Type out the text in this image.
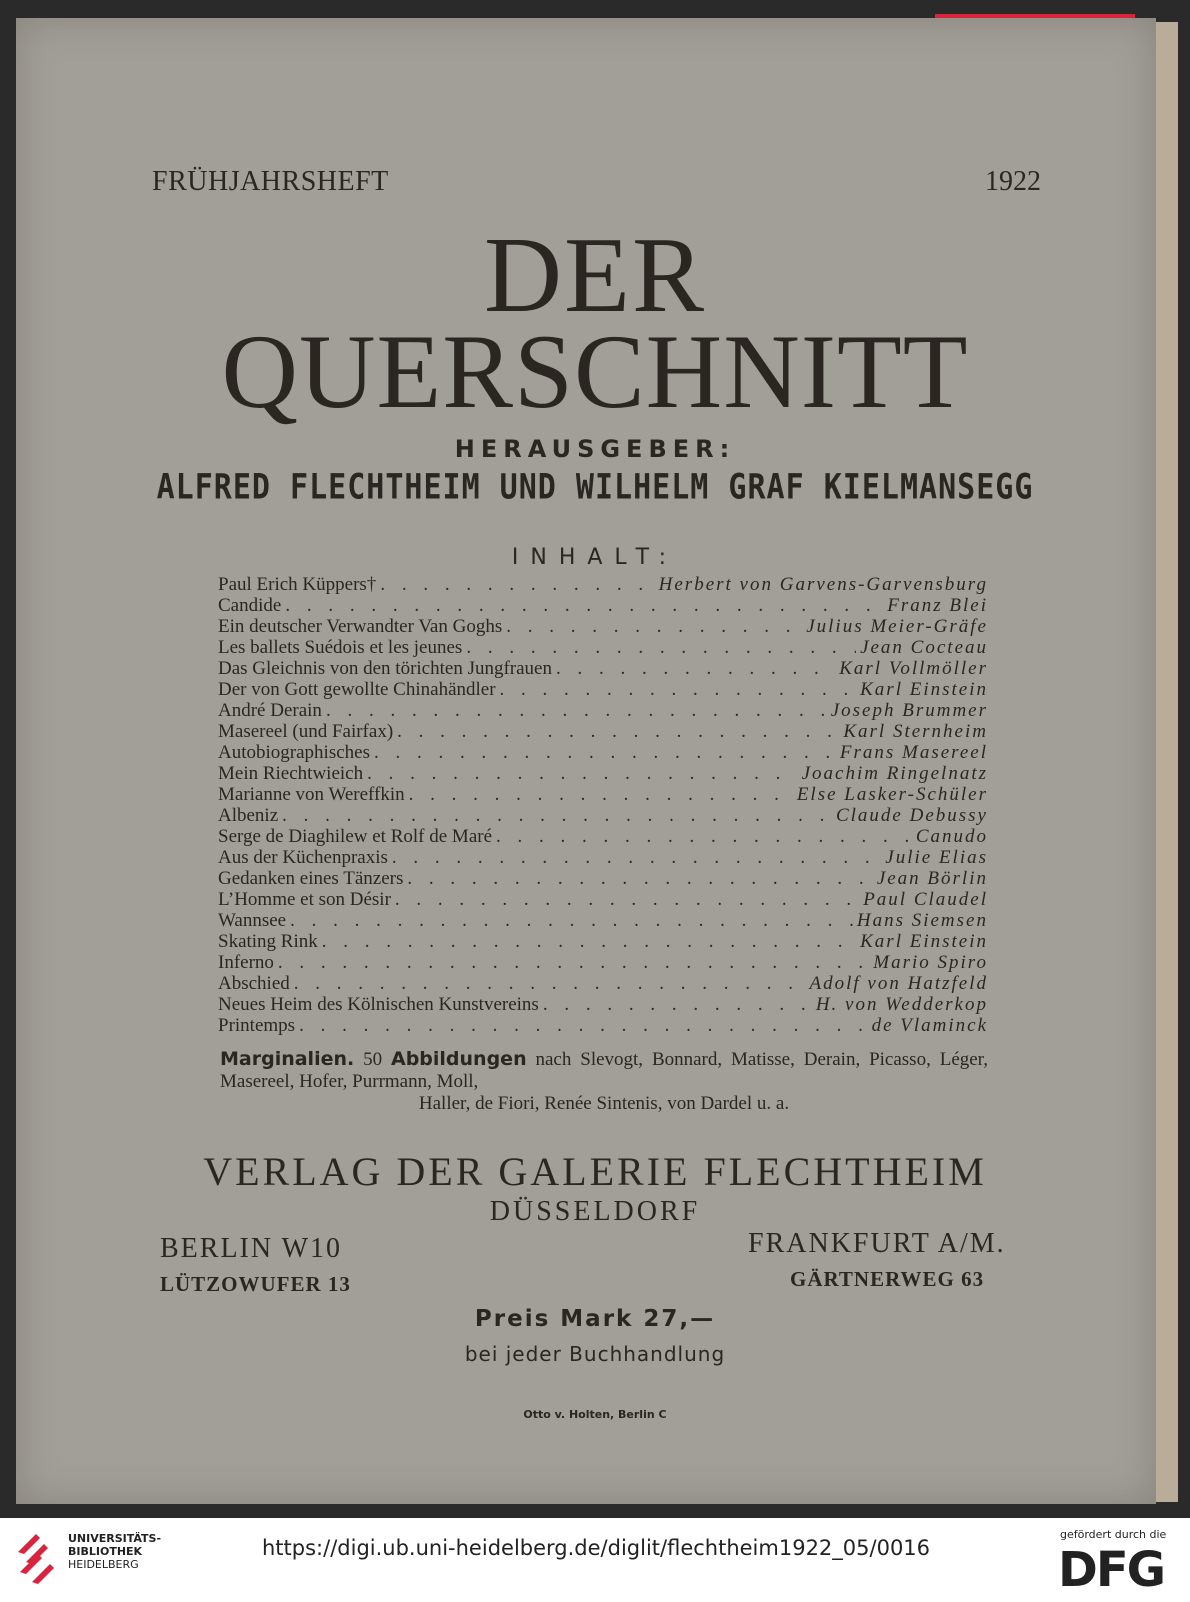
FRÜHJAHRSHEFT	1922
DER
QUERSCHNITT
HERAUSGEBER:
ALFRED FLECHTHEIM UND WILHELM GRAF KIELMANSEGG
INHALT:
Paul Erich Küppers† . . .	Herbert von Garvens-Garvensburg
Candide . . .	Franz Blei
Ein deutscher Verwandter Van Goghs . . .	Julius Meier-Gräfe
Les ballets Suédois et les jeunes . . .	Jean Cocteau
Das Gleichnis von den törichten Jungfrauen . . .	Karl Vollmöller
Der von Gott gewollte Chinahändler . . .	Karl Einstein
André Derain . . .	Joseph Brummer
Masereel (und Fairfax) . . .	Karl Sternheim
Autobiographisches . . .	Frans Masereel
Mein Riechtwieich . . .	Joachim Ringelnatz
Marianne von Wereffkin . . .	Else Lasker-Schüler
Albeniz . . .	Claude Debussy
Serge de Diaghilew et Rolf de Maré . . .	Canudo
Aus der Küchenpraxis . . .	Julie Elias
Gedanken eines Tänzers . . .	Jean Börlin
L’Homme et son Désir . . .	Paul Claudel
Wannsee . . .	Hans Siemsen
Skating Rink . . .	Karl Einstein
Inferno . . .	Mario Spiro
Abschied . . .	Adolf von Hatzfeld
Neues Heim des Kölnischen Kunstvereins . . .	H. von Wedderkop
Printemps . . .	de Vlaminck
Marginalien. 50 Abbildungen nach Slevogt, Bonnard, Matisse, Derain, Picasso, Léger, Masereel, Hofer, Purrmann, Moll,
Haller, de Fiori, Renée Sintenis, von Dardel u. a.
VERLAG DER GALERIE FLECHTHEIM
DÜSSELDORF
BERLIN W10
LÜTZOWUFER 13
FRANKFURT A/M.
GÄRTNERWEG 63
Preis Mark 27,—
bei jeder Buchhandlung
Otto v. Holten, Berlin C
UNIVERSITÄTS-
BIBLIOTHEK
HEIDELBERG
https://digi.ub.uni-heidelberg.de/diglit/flechtheim1922_05/0016
gefördert durch die
DFG
